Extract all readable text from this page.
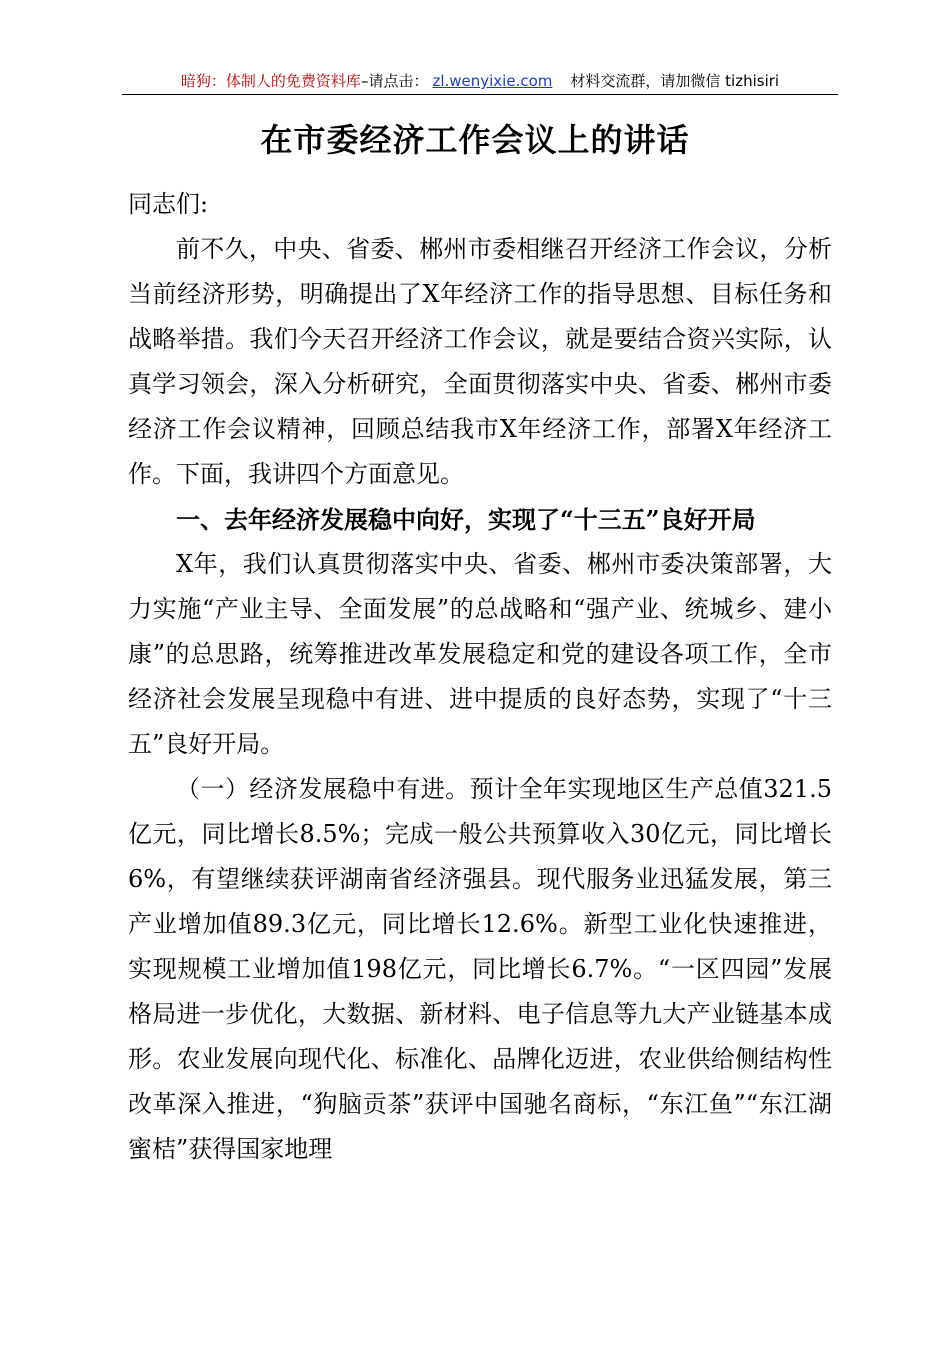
暗狗：体制人的免费资料库–请点击： zl.wenyixie.com 材料交流群，请加微信 tizhisiri
在市委经济工作会议上的讲话

同志们:

前不久，中央、省委、郴州市委相继召开经济工作会议，分析当前经济形势，明确提出了X年经济工作的指导思想、目标任务和战略举措。我们今天召开经济工作会议，就是要结合资兴实际，认真学习领会，深入分析研究，全面贯彻落实中央、省委、郴州市委经济工作会议精神，回顾总结我市X年经济工作，部署X年经济工作。下面，我讲四个方面意见。

一、去年经济发展稳中向好，实现了“十三五”良好开局

X年，我们认真贯彻落实中央、省委、郴州市委决策部署，大力实施“产业主导、全面发展”的总战略和“强产业、统城乡、建小康”的总思路，统筹推进改革发展稳定和党的建设各项工作，全市经济社会发展呈现稳中有进、进中提质的良好态势，实现了“十三五”良好开局。

（一）经济发展稳中有进。预计全年实现地区生产总值321.5亿元，同比增长8.5%；完成一般公共预算收入30亿元，同比增长6%，有望继续获评湖南省经济强县。现代服务业迅猛发展，第三产业增加值89.3亿元，同比增长12.6%。新型工业化快速推进，实现规模工业增加值198亿元，同比增长6.7%。“一区四园”发展格局进一步优化，大数据、新材料、电子信息等九大产业链基本成形。农业发展向现代化、标准化、品牌化迈进，农业供给侧结构性改革深入推进，“狗脑贡茶”获评中国驰名商标，“东江鱼”“东江湖蜜桔”获得国家地理
